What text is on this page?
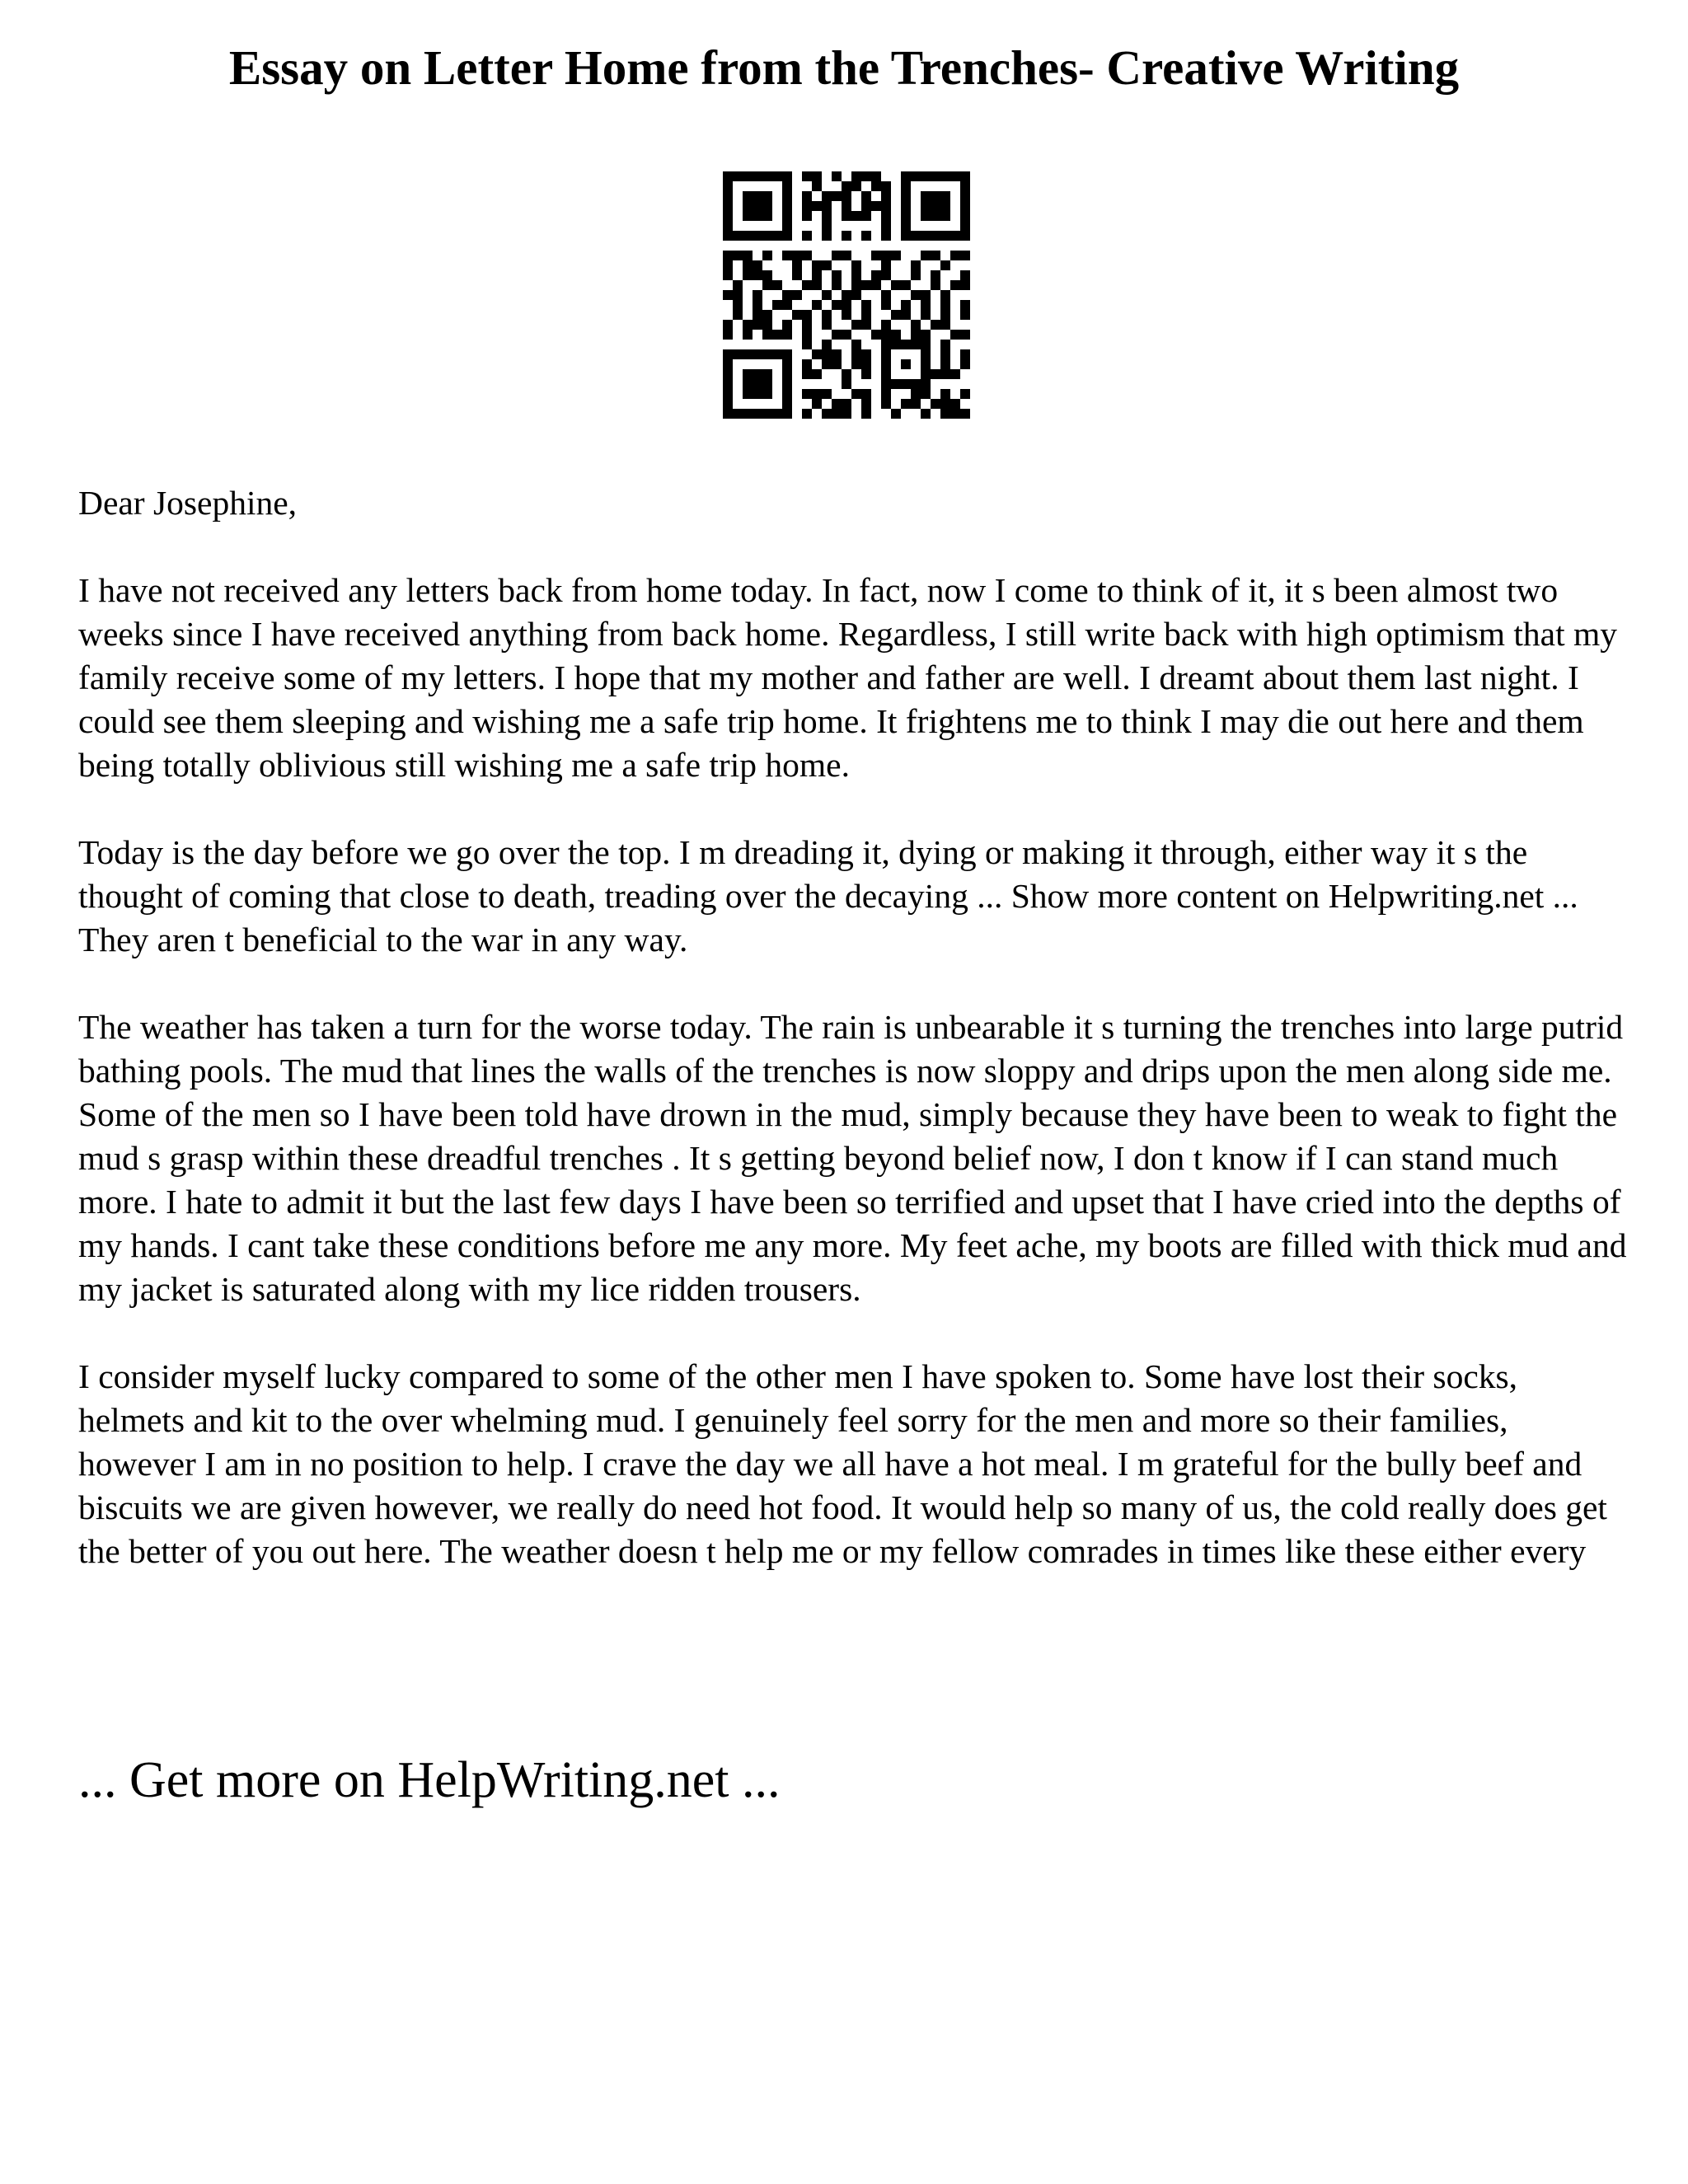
Essay on Letter Home from the Trenches- Creative Writing

Dear Josephine,

I have not received any letters back from home today. In fact, now I come to think of it, it s been almost two weeks since I have received anything from back home. Regardless, I still write back with high optimism that my family receive some of my letters. I hope that my mother and father are well. I dreamt about them last night. I could see them sleeping and wishing me a safe trip home. It frightens me to think I may die out here and them being totally oblivious still wishing me a safe trip home.

Today is the day before we go over the top. I m dreading it, dying or making it through, either way it s the thought of coming that close to death, treading over the decaying ... Show more content on Helpwriting.net ...

They aren t beneficial to the war in any way.

The weather has taken a turn for the worse today. The rain is unbearable it s turning the trenches into large putrid bathing pools. The mud that lines the walls of the trenches is now sloppy and drips upon the men along side me. Some of the men so I have been told have drown in the mud, simply because they have been to weak to fight the mud s grasp within these dreadful trenches . It s getting beyond belief now, I don t know if I can stand much more. I hate to admit it but the last few days I have been so terrified and upset that I have cried into the depths of my hands. I cant take these conditions before me any more. My feet ache, my boots are filled with thick mud and my jacket is saturated along with my lice ridden trousers.

I consider myself lucky compared to some of the other men I have spoken to. Some have lost their socks, helmets and kit to the over whelming mud. I genuinely feel sorry for the men and more so their families, however I am in no position to help. I crave the day we all have a hot meal. I m grateful for the bully beef and biscuits we are given however, we really do need hot food. It would help so many of us, the cold really does get the better of you out here. The weather doesn t help me or my fellow comrades in times like these either every

... Get more on HelpWriting.net ...
